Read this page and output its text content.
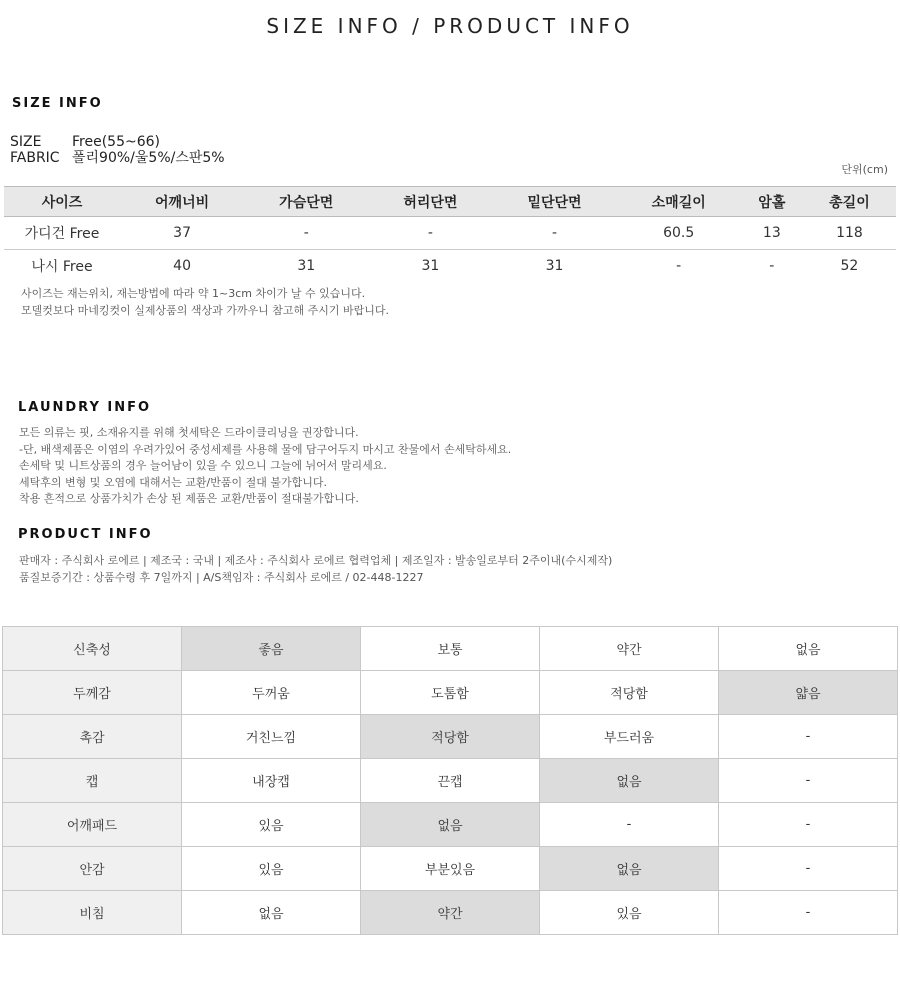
SIZE INFO / PRODUCT INFO
SIZE INFO
SIZE	Free(55~66)
FABRIC 폴리90%/울5%/스판5%
단위(cm)
사이즈	어깨너비	가슴단면	허리단면	밑단단면	소매길이	암홀	총길이
가디건 Free	37	-	-	-	60.5	13	118
나시 Free	40	31	31	31	-	-	52
사이즈는 재는위치, 재는방법에 따라 약 1~3cm 차이가 날 수 있습니다.
모델컷보다 마네킹컷이 실제상품의 색상과 가까우니 참고해 주시기 바랍니다.
LAUNDRY INFO
모든 의류는 핏, 소재유지를 위해 첫세탁은 드라이클리닝을 권장합니다.
-단, 배색제품은 이염의 우려가있어 중성세제를 사용해 물에 담구어두지 마시고 찬물에서 손세탁하세요.
손세탁 및 니트상품의 경우 늘어남이 있을 수 있으니 그늘에 뉘어서 말리세요.
세탁후의 변형 및 오염에 대해서는 교환/반품이 절대 불가합니다.
착용 흔적으로 상품가치가 손상 된 제품은 교환/반품이 절대불가합니다.
PRODUCT INFO
판매자 : 주식회사 로에르 | 제조국 : 국내 | 제조사 : 주식회사 로에르 협력업체 | 제조일자 : 발송일로부터 2주이내(수시제작)
품질보증기간 : 상품수령 후 7일까지 | A/S책임자 : 주식회사 로에르 / 02-448-1227
신축성	좋음	보통	약간	없음
두께감	두꺼움	도톰함	적당함	얇음
촉감	거친느낌	적당함	부드러움	-
캡	내장캡	끈캡	없음	-
어깨패드	있음	없음	-	-
안감	있음	부분있음	없음	-
비침	없음	약간	있음	-
